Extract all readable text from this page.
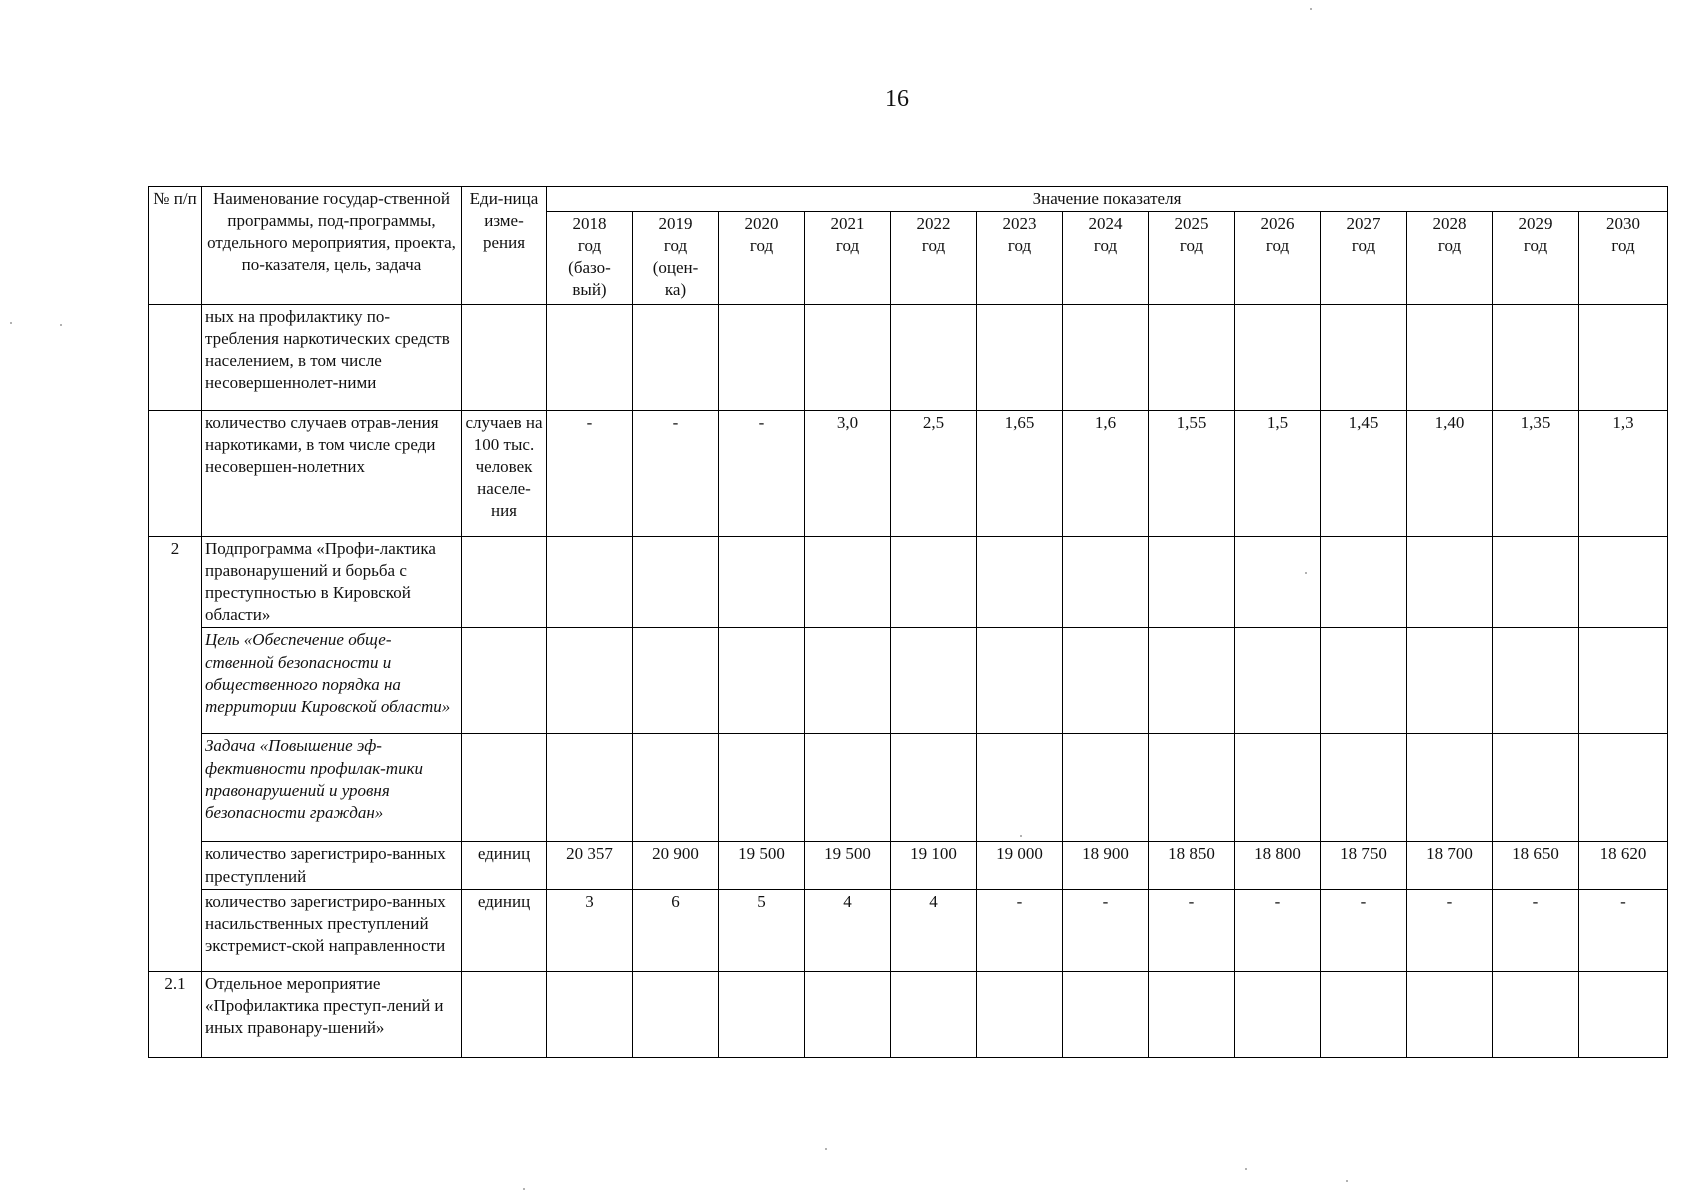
16
№ п/п	Наименование государ-ственной программы, под-программы, отдельного мероприятия, проекта, по-казателя, цель, задача	Еди-ница изме-рения	Значение показателя												

			2018
год
(базо-
вый)	2019
год
(оцен-
ка)	2020
год	2021
год	2022
год	2023
год	2024
год	2025
год	2026
год	2027
год	2028
год	2029
год	2030
год

	ных на профилактику по-требления наркотических средств населением, в том числе несовершеннолет-ними														
	количество случаев отрав-ления наркотиками, в том числе среди несовершен-нолетних	случаев на 100 тыс. человек населе-ния	-	-	-	3,0	2,5	1,65	1,6	1,55	1,5	1,45	1,40	1,35	1,3
2	Подпрограмма «Профи-лактика правонарушений и борьба с преступностью в Кировской области»														
	Цель «Обеспечение обще-ственной безопасности и общественного порядка на территории Кировской области»														
	Задача «Повышение эф-фективности профилак-тики правонарушений и уровня безопасности граждан»														
	количество зарегистриро-ванных преступлений	единиц	20 357	20 900	19 500	19 500	19 100	19 000	18 900	18 850	18 800	18 750	18 700	18 650	18 620
	количество зарегистриро-ванных насильственных преступлений экстремист-ской направленности	единиц	3	6	5	4	4	-	-	-	-	-	-	-	-
2.1	Отдельное мероприятие «Профилактика преступ-лений и иных правонару-шений»														
